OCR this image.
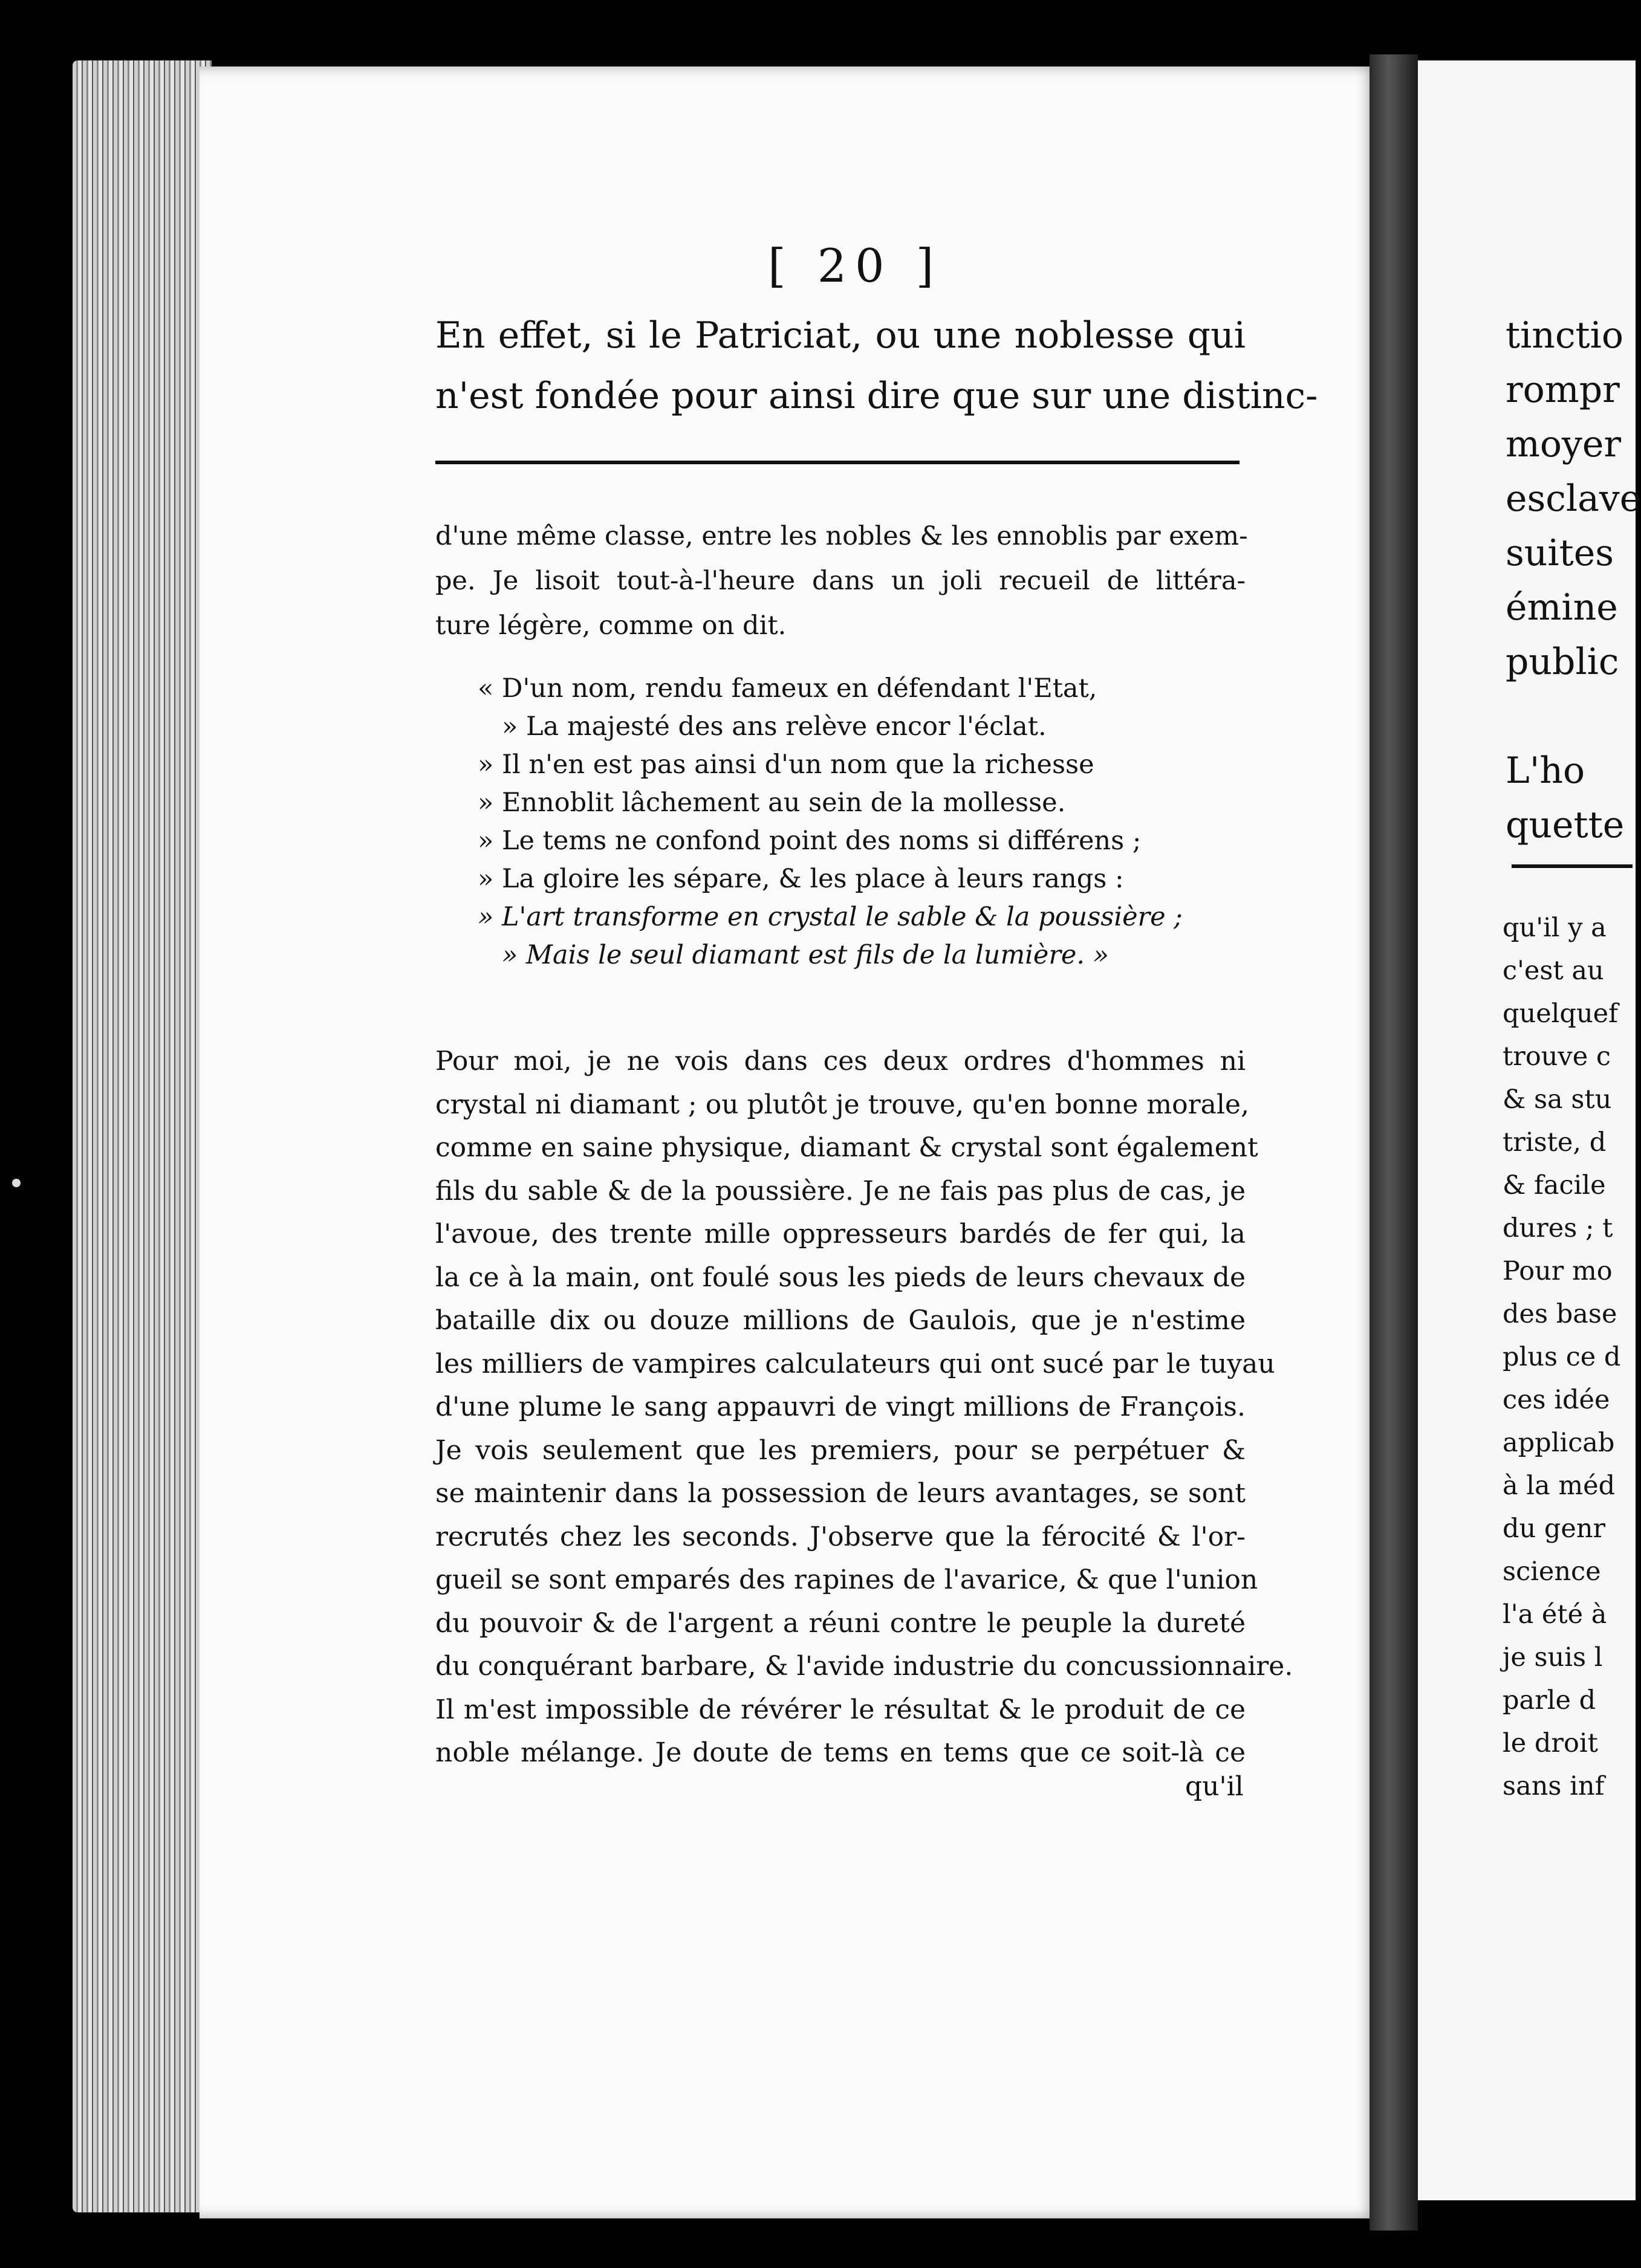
[ 20 ]
En effet, si le Patriciat, ou une noblesse qui
n'est fondée pour ainsi dire que sur une distinc-
d'une même classe, entre les nobles & les ennoblis par exem-
pe. Je lisoit tout-à-l'heure dans un joli recueil de littéra-
ture légère, comme on dit.
« D'un nom, rendu fameux en défendant l'Etat,
» La majesté des ans relève encor l'éclat.
» Il n'en est pas ainsi d'un nom que la richesse
» Ennoblit lâchement au sein de la mollesse.
» Le tems ne confond point des noms si différens ;
» La gloire les sépare, & les place à leurs rangs :
» L'art transforme en crystal le sable & la poussière ;
» Mais le seul diamant est fils de la lumière. »
Pour moi, je ne vois dans ces deux ordres d'hommes ni
crystal ni diamant ; ou plutôt je trouve, qu'en bonne morale,
comme en saine physique, diamant & crystal sont également
fils du sable & de la poussière. Je ne fais pas plus de cas, je
l'avoue, des trente mille oppresseurs bardés de fer qui, la
la ce à la main, ont foulé sous les pieds de leurs chevaux de
bataille dix ou douze millions de Gaulois, que je n'estime
les milliers de vampires calculateurs qui ont sucé par le tuyau
d'une plume le sang appauvri de vingt millions de François.
Je vois seulement que les premiers, pour se perpétuer &
se maintenir dans la possession de leurs avantages, se sont
recrutés chez les seconds. J'observe que la férocité & l'or-
gueil se sont emparés des rapines de l'avarice, & que l'union
du pouvoir & de l'argent a réuni contre le peuple la dureté
du conquérant barbare, & l'avide industrie du concussionnaire.
Il m'est impossible de révérer le résultat & le produit de ce
noble mélange. Je doute de tems en tems que ce soit-là ce
qu'il
tinctio
rompr
moyer
esclave
suites
émine
public

L'ho
quette
qu'il y a
c'est au
quelquef
trouve c
& sa stu
triste, d
& facile
dures ; t
Pour mo
des base
plus ce d
ces idée
applicab
à la méd
du genr
science
l'a été à
je suis l
parle d
le droit
sans inf
